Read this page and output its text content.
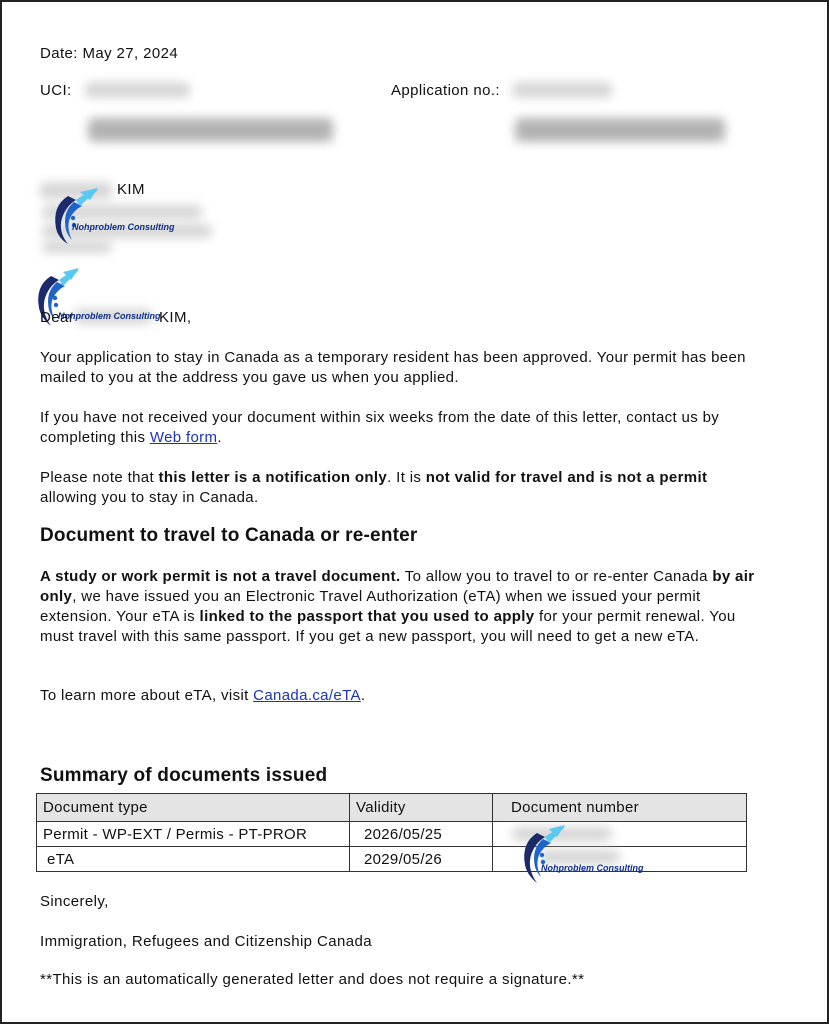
Date: May 27, 2024
UCI:	Application no.:
KIM
Nohproblem Consulting
Dear
Nohproblem Consulting
KIM,
Your application to stay in Canada as a temporary resident has been approved. Your permit has been mailed to you at the address you gave us when you applied.
If you have not received your document within six weeks from the date of this letter, contact us by completing this Web form.
Please note that this letter is a notification only. It is not valid for travel and is not a permit allowing you to stay in Canada.
Document to travel to Canada or re-enter
A study or work permit is not a travel document. To allow you to travel to or re-enter Canada by air only, we have issued you an Electronic Travel Authorization (eTA) when we issued your permit extension. Your eTA is linked to the passport that you used to apply for your permit renewal. You must travel with this same passport. If you get a new passport, you will need to get a new eTA.
To learn more about eTA, visit Canada.ca/eTA.
Summary of documents issued
Document type	Validity	Document number
Permit - WP-EXT / Permis - PT-PROR	2026/05/25	
eTA	2029/05/26	
Nohproblem Consulting
Sincerely,
Immigration, Refugees and Citizenship Canada
**This is an automatically generated letter and does not require a signature.**
